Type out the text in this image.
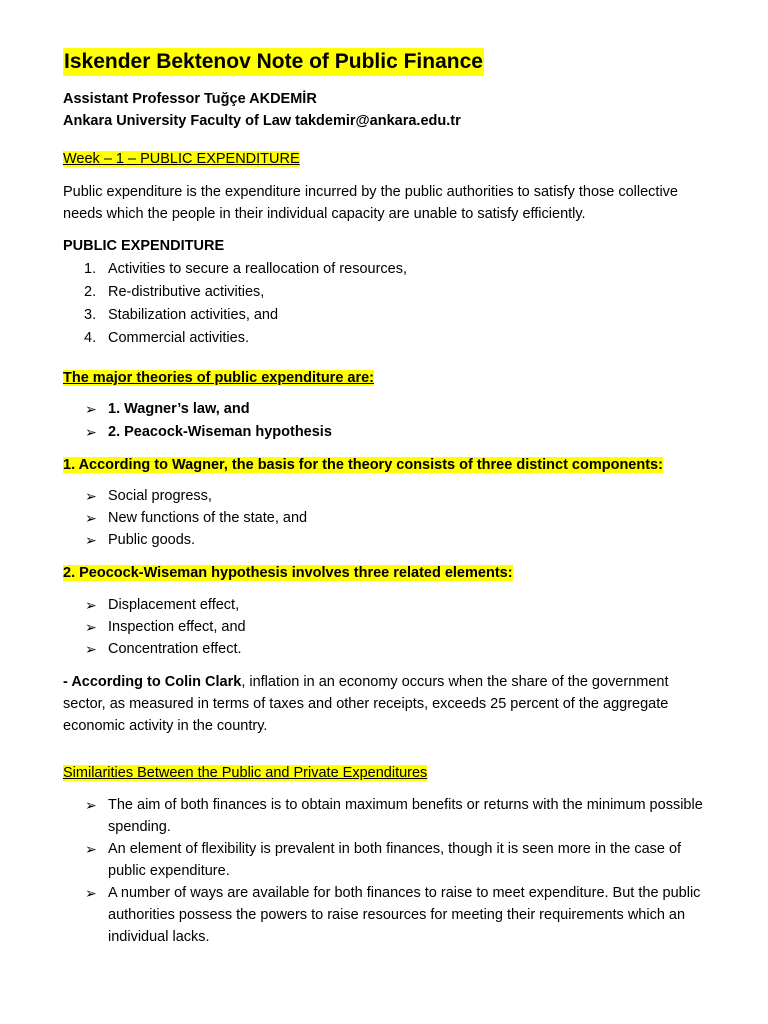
Iskender Bektenov Note of Public Finance
Assistant Professor Tuğçe AKDEMİR
Ankara University Faculty of Law takdemir@ankara.edu.tr
Week – 1 – PUBLIC EXPENDITURE
Public expenditure is the expenditure incurred by the public authorities to satisfy those collective needs which the people in their individual capacity are unable to satisfy efficiently.
PUBLIC EXPENDITURE
1. Activities to secure a reallocation of resources,
2. Re-distributive activities,
3. Stabilization activities, and
4. Commercial activities.
The major theories of public expenditure are:
➢ 1. Wagner’s law, and
➢ 2. Peacock-Wiseman hypothesis
1. According to Wagner, the basis for the theory consists of three distinct components:
➢ Social progress,
➢ New functions of the state, and
➢ Public goods.
2. Peocock-Wiseman hypothesis involves three related elements:
➢ Displacement effect,
➢ Inspection effect, and
➢ Concentration effect.
- According to Colin Clark, inflation in an economy occurs when the share of the government sector, as measured in terms of taxes and other receipts, exceeds 25 percent of the aggregate economic activity in the country.
Similarities Between the Public and Private Expenditures
➢ The aim of both finances is to obtain maximum benefits or returns with the minimum possible spending.
➢ An element of flexibility is prevalent in both finances, though it is seen more in the case of public expenditure.
➢ A number of ways are available for both finances to raise to meet expenditure. But the public authorities possess the powers to raise resources for meeting their requirements which an individual lacks.
